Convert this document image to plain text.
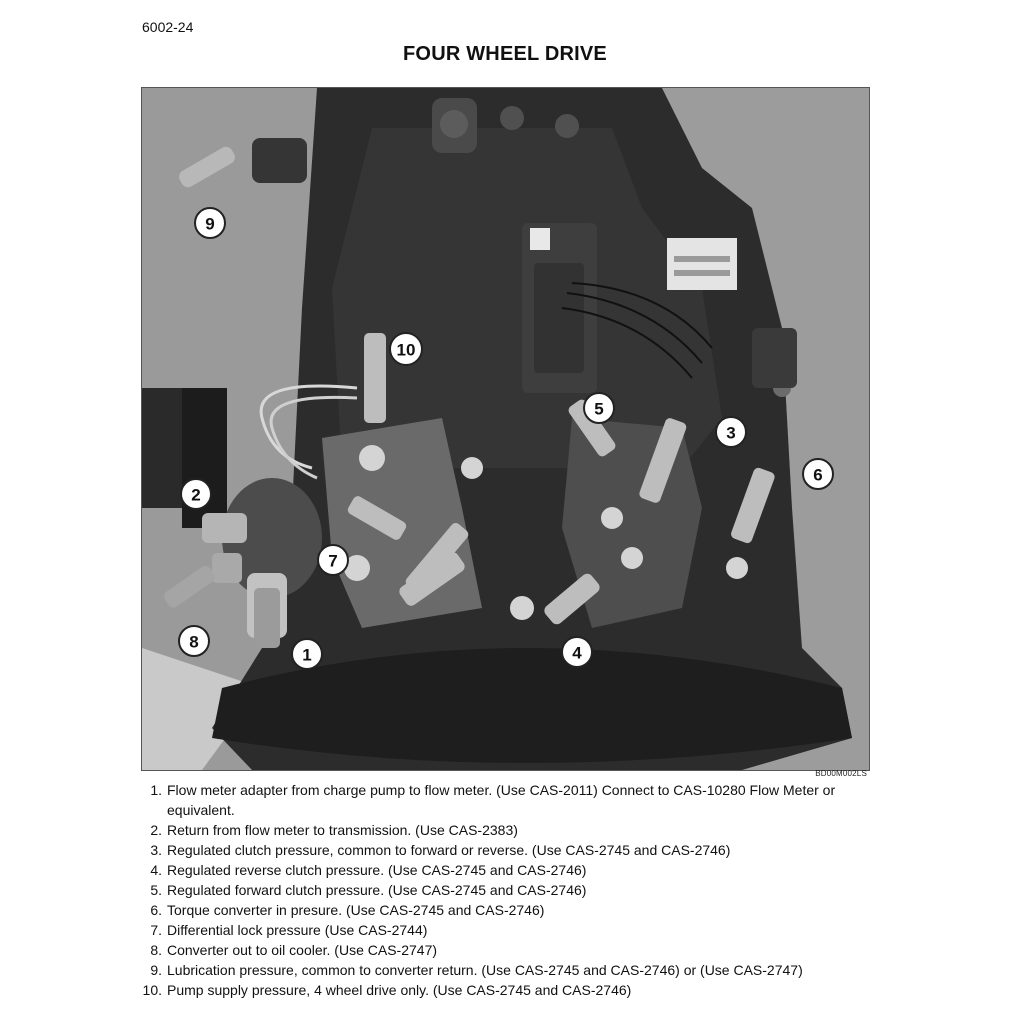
6002-24
FOUR WHEEL DRIVE
9
10
5
3
6
2
7
4
8
1
BD00M002LS
1. Flow meter adapter from charge pump to flow meter. (Use CAS-2011) Connect to CAS-10280 Flow Meter or equivalent.
2. Return from flow meter to transmission. (Use CAS-2383)
3. Regulated clutch pressure, common to forward or reverse. (Use CAS-2745 and CAS-2746)
4. Regulated reverse clutch pressure. (Use CAS-2745 and CAS-2746)
5. Regulated forward clutch pressure. (Use CAS-2745 and CAS-2746)
6. Torque converter in presure. (Use CAS-2745 and CAS-2746)
7. Differential lock pressure (Use CAS-2744)
8. Converter out to oil cooler. (Use CAS-2747)
9. Lubrication pressure, common to converter return. (Use CAS-2745 and CAS-2746) or (Use CAS-2747)
10. Pump supply pressure, 4 wheel drive only. (Use CAS-2745 and CAS-2746)
